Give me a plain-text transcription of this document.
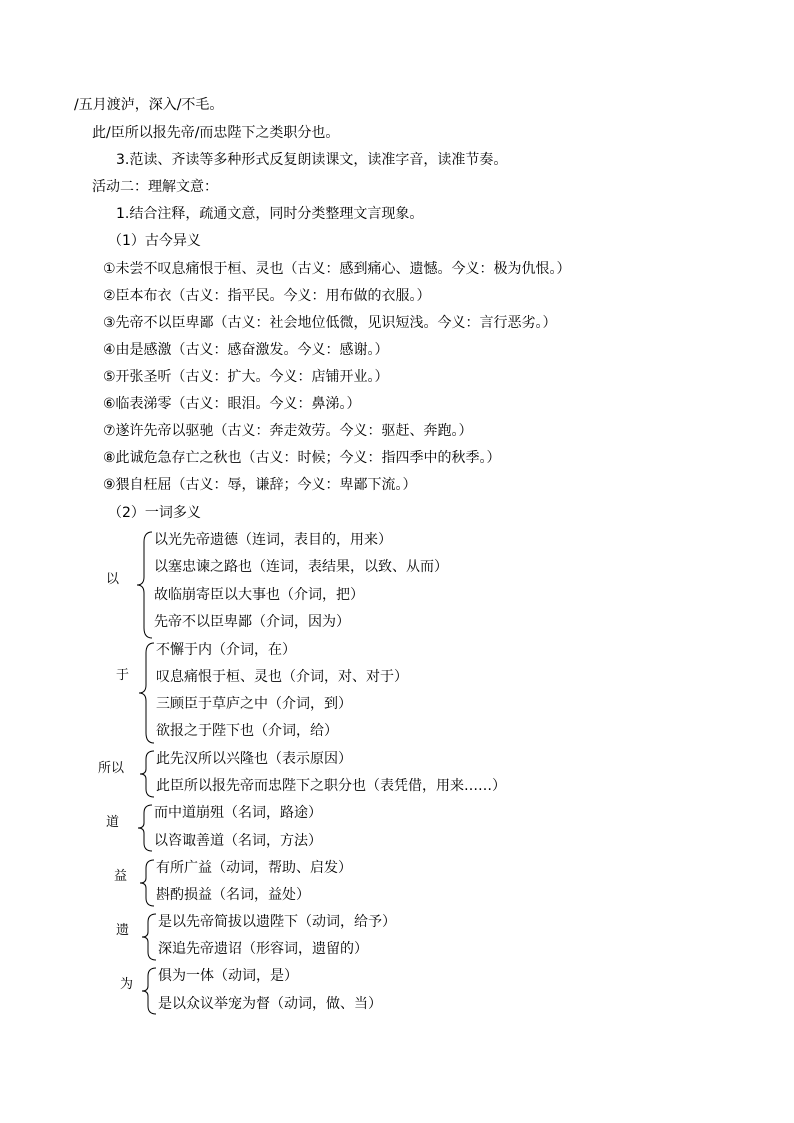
/五月渡泸，深入/不毛。
此/臣所以报先帝/而忠陛下之类职分也。
3.范读、齐读等多种形式反复朗读课文，读准字音，读准节奏。
活动二：理解文意：
1.结合注释，疏通文意，同时分类整理文言现象。
（1）古今异义
①未尝不叹息痛恨于桓、灵也（古义：感到痛心、遗憾。今义：极为仇恨。）
②臣本布衣（古义：指平民。今义：用布做的衣服。）
③先帝不以臣卑鄙（古义：社会地位低微，见识短浅。今义：言行恶劣。）
④由是感激（古义：感奋激发。今义：感谢。）
⑤开张圣听（古义：扩大。今义：店铺开业。）
⑥临表涕零（古义：眼泪。今义：鼻涕。）
⑦遂许先帝以驱驰（古义：奔走效劳。今义：驱赶、奔跑。）
⑧此诚危急存亡之秋也（古义：时候；今义：指四季中的秋季。）
⑨猥自枉屈（古义：辱，谦辞；今义：卑鄙下流。）
（2）一词多义
以
以光先帝遗德（连词，表目的，用来）
以塞忠谏之路也（连词，表结果，以致、从而）
故临崩寄臣以大事也（介词，把）
先帝不以臣卑鄙（介词，因为）
于
不懈于内（介词，在）
叹息痛恨于桓、灵也（介词，对、对于）
三顾臣于草庐之中（介词，到）
欲报之于陛下也（介词，给）
所以
此先汉所以兴隆也（表示原因）
此臣所以报先帝而忠陛下之职分也（表凭借，用来……）
道
而中道崩殂（名词，路途）
以咨诹善道（名词，方法）
益
有所广益（动词，帮助、启发）
斟酌损益（名词，益处）
遗
是以先帝简拔以遗陛下（动词，给予）
深追先帝遗诏（形容词，遗留的）
为
俱为一体（动词，是）
是以众议举宠为督（动词，做、当）
